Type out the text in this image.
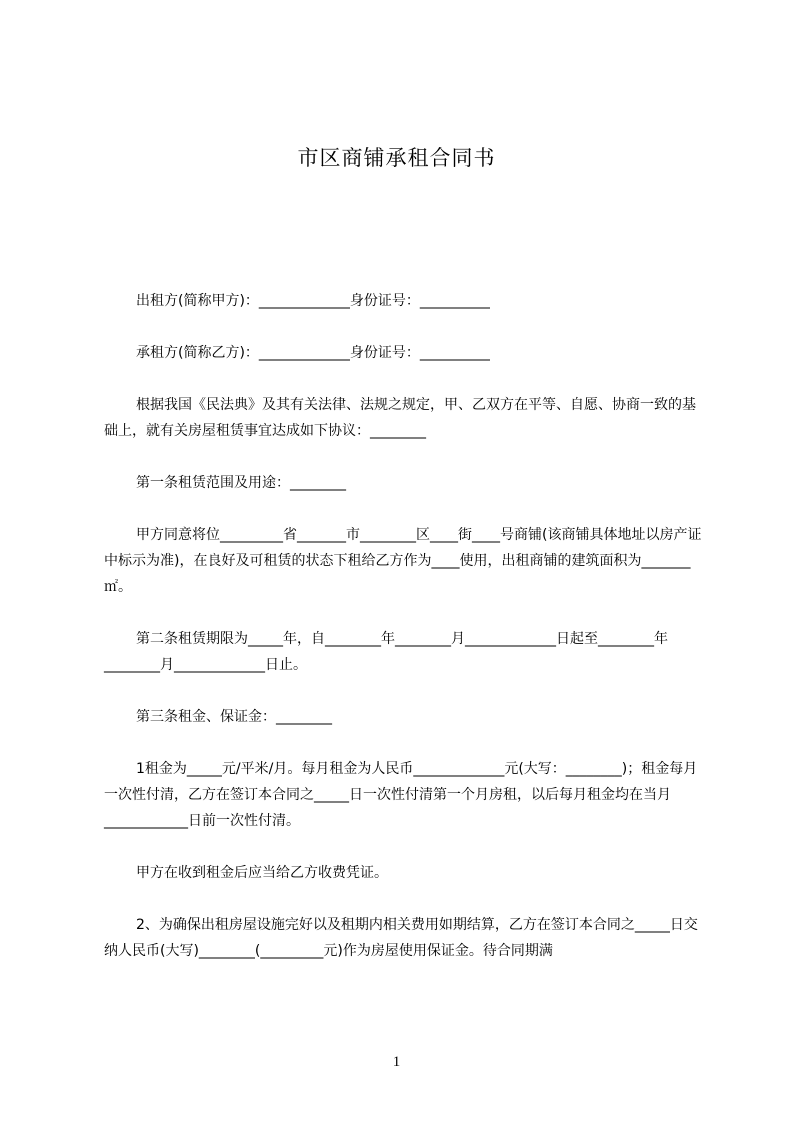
市区商铺承租合同书

出租方(简称甲方)：_____________身份证号：__________

承租方(简称乙方)：_____________身份证号：__________

根据我国《民法典》及其有关法律、法规之规定，甲、乙双方在平等、自愿、协商一致的基础上，就有关房屋租赁事宜达成如下协议：________

第一条租赁范围及用途：________

甲方同意将位_________省_______市________区____街____号商铺(该商铺具体地址以房产证中标示为准)，在良好及可租赁的状态下租给乙方作为____使用，出租商铺的建筑面积为_______㎡。

第二条租赁期限为_____年，自________年________月_____________日起至________年________月_____________日止。

第三条租金、保证金：________

1租金为_____元/平米/月。每月租金为人民币_____________元(大写：________)；租金每月一次性付清，乙方在签订本合同之_____日一次性付清第一个月房租，以后每月租金均在当月____________日前一次性付清。

甲方在收到租金后应当给乙方收费凭证。

2、为确保出租房屋设施完好以及租期内相关费用如期结算，乙方在签订本合同之_____日交纳人民币(大写)________(_________元)作为房屋使用保证金。待合同期满

1
